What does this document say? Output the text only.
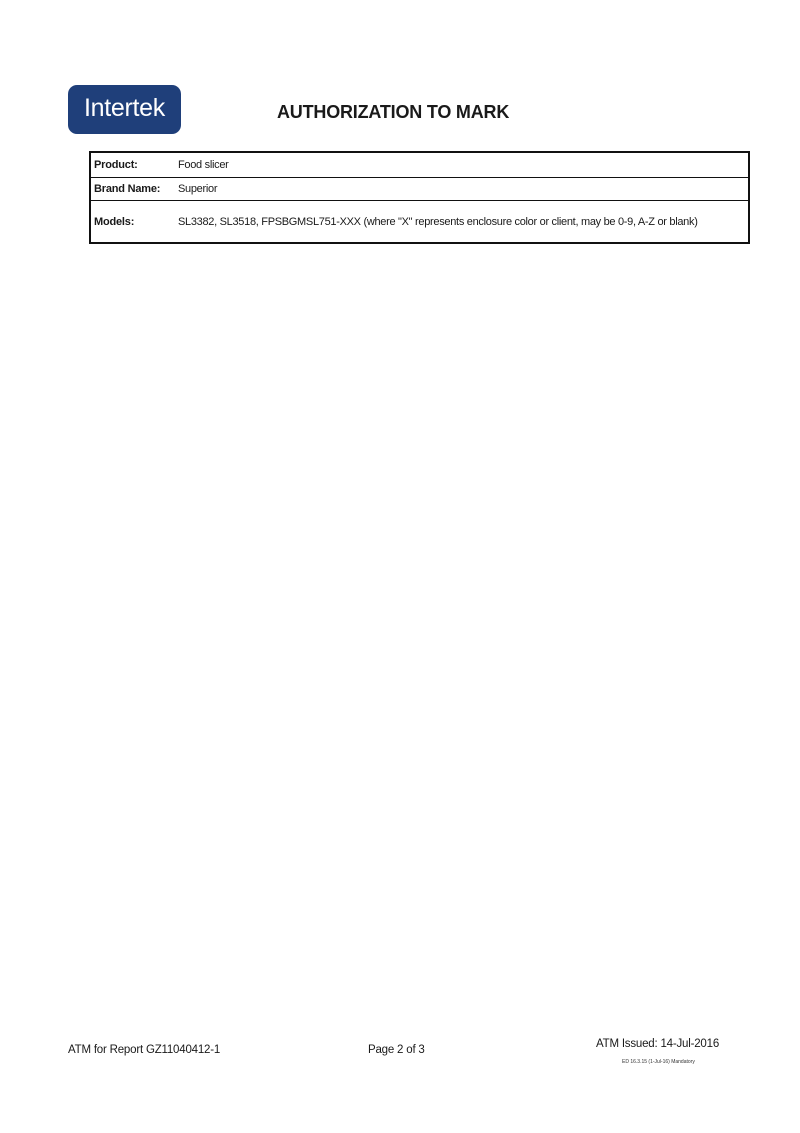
Intertek	AUTHORIZATION TO MARK
Product:	Food slicer
Brand Name:	Superior
Models:	SL3382, SL3518, FPSBGMSL751-XXX (where "X" represents enclosure color or client, may be 0-9, A-Z or blank)
ATM for Report GZ11040412-1	Page 2 of 3	ATM Issued: 14-Jul-2016
ED 16.3.15 (1-Jul-16) Mandatory
